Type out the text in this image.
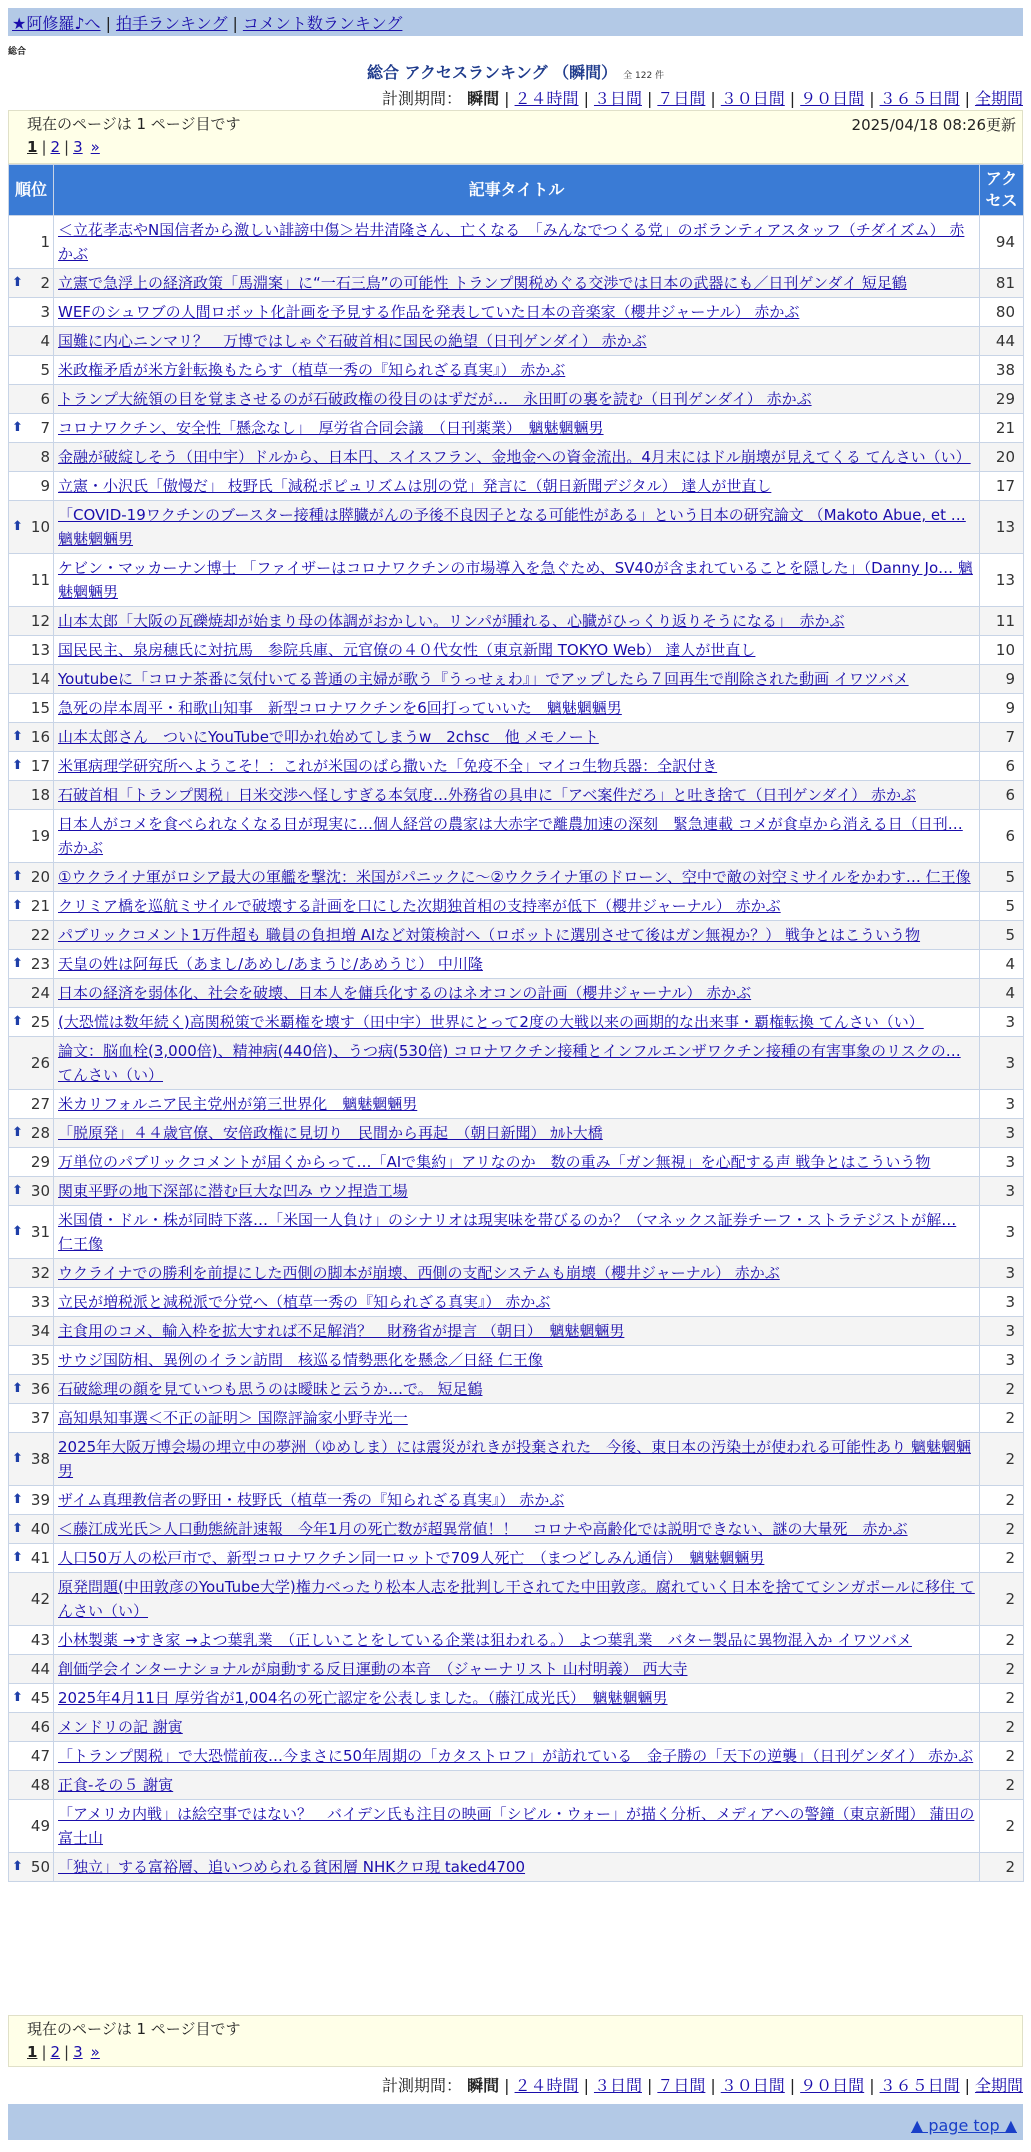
★阿修羅♪へ | 拍手ランキング | コメント数ランキング
総合
総合 アクセスランキング （瞬間） 全 122 件
計測期間： 瞬間 | ２４時間 | ３日間 | ７日間 | ３０日間 | ９０日間 | ３６５日間 | 全期間
現在のページは 1 ページ目です	2025/04/18 08:26更新
1 | 2 | 3 »
順位	記事タイトル	アクセス
1	＜立花孝志やN国信者から激しい誹謗中傷＞岩井清隆さん、亡くなる　「みんなでつくる党」のボランティアスタッフ（チダイズム） 赤かぶ	94

⬆ 2	立憲で急浮上の経済政策「馬淵案」に“一石三鳥”の可能性 トランプ関税めぐる交渉では日本の武器にも／日刊ゲンダイ 短足鶴	81
3	WEFのシュワブの人間ロボット化計画を予見する作品を発表していた日本の音楽家（櫻井ジャーナル） 赤かぶ	80
4	国難に内心ニンマリ？　万博ではしゃぐ石破首相に国民の絶望（日刊ゲンダイ） 赤かぶ	44
5	米政権矛盾が米方針転換もたらす（植草一秀の『知られざる真実』） 赤かぶ	38
6	トランプ大統領の目を覚まさせるのが石破政権の役目のはずだが…　永田町の裏を読む（日刊ゲンダイ） 赤かぶ	29

⬆ 7	コロナワクチン、安全性「懸念なし」　厚労省合同会議　（日刊薬業）　魑魅魍魎男	21
8	金融が破綻しそう（田中宇）ドルから、日本円、スイスフラン、金地金への資金流出。4月末にはドル崩壊が見えてくる てんさい（い）	20
9	立憲・小沢氏「傲慢だ」 枝野氏「減税ポピュリズムは別の党」発言に（朝日新聞デジタル） 達人が世直し	17

⬆ 10	「COVID-19ワクチンのブースター接種は膵臓がんの予後不良因子となる可能性がある」という日本の研究論文 （Makoto Abue, et … 魑魅魍魎男	13
11	ケビン・マッカーナン博士 「ファイザーはコロナワクチンの市場導入を急ぐため、SV40が含まれていることを隠した」（Danny Jo… 魑魅魍魎男	13
12	山本太郎「大阪の瓦礫焼却が始まり母の体調がおかしい。リンパが腫れる、心臓がひっくり返りそうになる」　赤かぶ	11
13	国民民主、泉房穂氏に対抗馬　参院兵庫、元官僚の４０代女性（東京新聞 TOKYO Web） 達人が世直し	10
14	Youtubeに「コロナ茶番に気付いてる普通の主婦が歌う『うっせぇわ』」でアップしたら７回再生で削除された動画 イワツバメ	9
15	急死の岸本周平・和歌山知事　新型コロナワクチンを6回打っていいた　魑魅魍魎男	9

⬆ 16	山本太郎さん　ついにYouTubeで叩かれ始めてしまうw　2chsc　他 メモノート	7

⬆ 17	米軍病理学研究所へようこそ！：これが米国のばら撒いた「免疫不全」マイコ生物兵器：全訳付き	6
18	石破首相「トランプ関税」日米交渉へ怪しすぎる本気度…外務省の具申に「アベ案件だろ」と吐き捨て（日刊ゲンダイ） 赤かぶ	6
19	日本人がコメを食べられなくなる日が現実に…個人経営の農家は大赤字で離農加速の深刻　緊急連載 コメが食卓から消える日（日刊… 赤かぶ	6

⬆ 20	①ウクライナ軍がロシア最大の軍艦を撃沈：米国がパニックに～②ウクライナ軍のドローン、空中で敵の対空ミサイルをかわす… 仁王像	5

⬆ 21	クリミア橋を巡航ミサイルで破壊する計画を口にした次期独首相の支持率が低下（櫻井ジャーナル） 赤かぶ	5
22	パブリックコメント1万件超も 職員の負担増 AIなど対策検討へ（ロボットに選別させて後はガン無視か？） 戦争とはこういう物	5

⬆ 23	天皇の姓は阿毎氏（あまし/あめし/あまうじ/あめうじ） 中川隆	4
24	日本の経済を弱体化、社会を破壊、日本人を傭兵化するのはネオコンの計画（櫻井ジャーナル） 赤かぶ	4

⬆ 25	(大恐慌は数年続く)高関税策で米覇権を壊す（田中宇）世界にとって2度の大戦以来の画期的な出来事・覇権転換 てんさい（い）	3
26	論文：脳血栓(3,000倍)、精神病(440倍)、うつ病(530倍) コロナワクチン接種とインフルエンザワクチン接種の有害事象のリスクの… てんさい（い）	3
27	米カリフォルニア民主党州が第三世界化　魑魅魍魎男	3

⬆ 28	「脱原発」４４歳官僚、安倍政権に見切り　民間から再起　（朝日新聞） ｶﾙﾄ大橋	3
29	万単位のパブリックコメントが届くからって…「AIで集約」アリなのか　数の重み「ガン無視」を心配する声 戦争とはこういう物	3

⬆ 30	関東平野の地下深部に潜む巨大な凹み ウソ捏造工場	3

⬆ 31	米国債・ドル・株が同時下落…「米国一人負け」のシナリオは現実味を帯びるのか？（マネックス証券チーフ・ストラテジストが解… 仁王像	3
32	ウクライナでの勝利を前提にした西側の脚本が崩壊、西側の支配システムも崩壊（櫻井ジャーナル） 赤かぶ	3
33	立民が増税派と減税派で分党へ（植草一秀の『知られざる真実』） 赤かぶ	3
34	主食用のコメ、輸入枠を拡大すれば不足解消？　財務省が提言 （朝日）　魑魅魍魎男	3
35	サウジ国防相、異例のイラン訪問　核巡る情勢悪化を懸念／日経 仁王像	3

⬆ 36	石破総理の顔を見ていつも思うのは曖昧と云うか…で。 短足鶴	2
37	高知県知事選＜不正の証明＞ 国際評論家小野寺光一	2

⬆ 38	2025年大阪万博会場の埋立中の夢洲（ゆめしま）には震災がれきが投棄された　今後、東日本の汚染土が使われる可能性あり 魑魅魍魎男	2

⬆ 39	ザイム真理教信者の野田・枝野氏（植草一秀の『知られざる真実』） 赤かぶ	2

⬆ 40	＜藤江成光氏＞人口動態統計速報　今年1月の死亡数が超異常値！！　コロナや高齢化では説明できない、謎の大量死　赤かぶ	2

⬆ 41	人口50万人の松戸市で、新型コロナワクチン同一ロットで709人死亡　（まつどしみん通信）　魑魅魍魎男	2
42	原発問題(中田敦彦のYouTube大学)権力べったり松本人志を批判し干されてた中田敦彦。腐れていく日本を捨ててシンガポールに移住 てんさい（い）	2
43	小林製薬 →すき家 →よつ葉乳業　（正しいことをしている企業は狙われる。） よつ葉乳業　バター製品に異物混入か イワツバメ	2
44	創価学会インターナショナルが扇動する反日運動の本音　（ジャーナリスト 山村明義） 西大寺	2

⬆ 45	2025年4月11日 厚労省が1,004名の死亡認定を公表しました。（藤江成光氏）　魑魅魍魎男	2
46	メンドリの記 謝寅	2
47	「トランプ関税」で大恐慌前夜…今まさに50年周期の「カタストロフ」が訪れている　金子勝の「天下の逆襲」（日刊ゲンダイ） 赤かぶ	2
48	正食-その５ 謝寅	2
49	「アメリカ内戦」は絵空事ではない？　バイデン氏も注目の映画「シビル・ウォー」が描く分析、メディアへの警鐘（東京新聞） 蒲田の富士山	2

⬆ 50	「独立」する富裕層、追いつめられる貧困層 NHKクロ現 taked4700	2
現在のページは 1 ページ目です
1 | 2 | 3 »
計測期間： 瞬間 | ２４時間 | ３日間 | ７日間 | ３０日間 | ９０日間 | ３６５日間 | 全期間
▲ page top ▲
